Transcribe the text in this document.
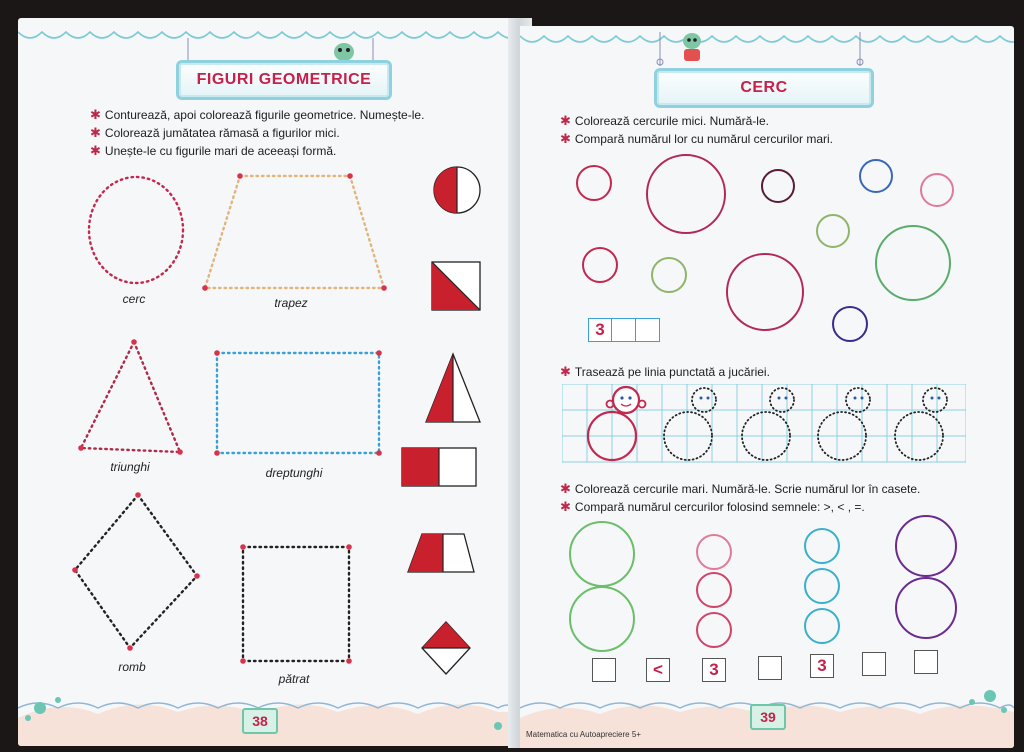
FIGURI GEOMETRICE
✱ Conturează, apoi colorează figurile geometrice. Numește-le.
✱ Colorează jumătatea rămasă a figurilor mici.
✱ Unește-le cu figurile mari de aceeași formă.
cerc	trapez
triunghi	dreptunghi
romb
pătrat
38
CERC
✱ Colorează cercurile mici. Numără-le.
✱ Compară numărul lor cu numărul cercurilor mari.
3
✱ Trasează pe linia punctată a jucăriei.
✱ Colorează cercurile mari. Numără-le. Scrie numărul lor în casete.
✱ Compară numărul cercurilor folosind semnele: >, < , =.
<	3	3
Matematica cu Autoapreciere 5+
39
